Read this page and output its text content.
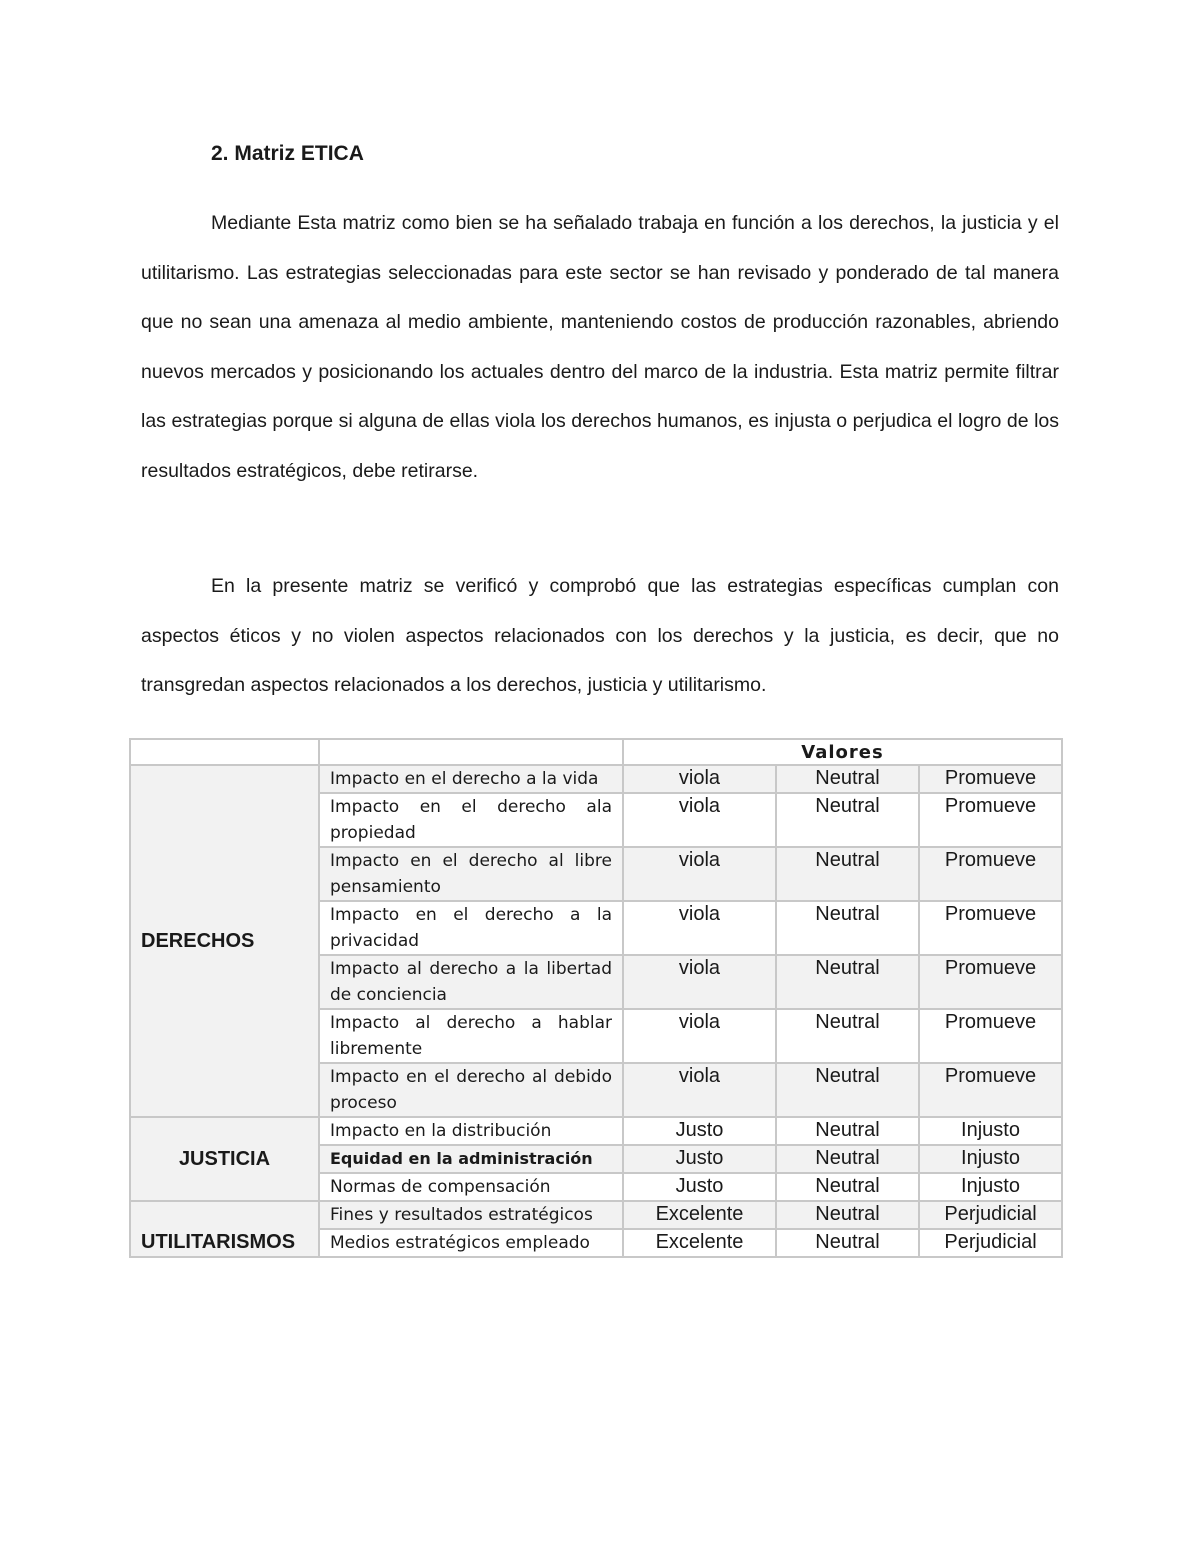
2. Matriz ETICA

Mediante Esta matriz como bien se ha señalado trabaja en función a los derechos, la justicia y el utilitarismo. Las estrategias seleccionadas para este sector se han revisado y ponderado de tal manera que no sean una amenaza al medio ambiente, manteniendo costos de producción razonables, abriendo nuevos mercados y posicionando los actuales dentro del marco de la industria. Esta matriz permite filtrar las estrategias porque si alguna de ellas viola los derechos humanos, es injusta o perjudica el logro de los resultados estratégicos, debe retirarse.

En la presente matriz se verificó y comprobó que las estrategias específicas cumplan con aspectos éticos y no violen aspectos relacionados con los derechos y la justicia, es decir, que no transgredan aspectos relacionados a los derechos, justicia y utilitarismo.

		Valores		
DERECHOS	Impacto en el derecho a la vida	viola	Neutral	Promueve
	Impacto en el derecho ala propiedad	viola	Neutral	Promueve
	Impacto en el derecho al libre pensamiento	viola	Neutral	Promueve
	Impacto en el derecho a la privacidad	viola	Neutral	Promueve
	Impacto al derecho a la libertad de conciencia	viola	Neutral	Promueve
	Impacto al derecho a hablar libremente	viola	Neutral	Promueve
	Impacto en el derecho al debido proceso	viola	Neutral	Promueve
JUSTICIA	Impacto en la distribución	Justo	Neutral	Injusto
	Equidad en la administración	Justo	Neutral	Injusto
	Normas de compensación	Justo	Neutral	Injusto
UTILITARISMOS	Fines y resultados estratégicos	Excelente	Neutral	Perjudicial
	Medios estratégicos empleado	Excelente	Neutral	Perjudicial
